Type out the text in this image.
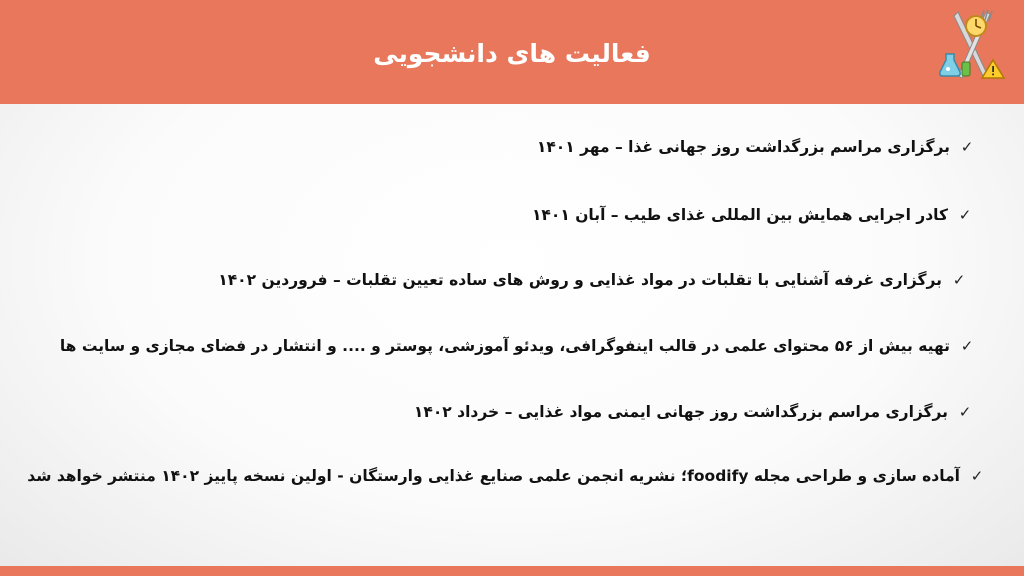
فعالیت های دانشجویی
✓
برگزاری مراسم بزرگداشت روز جهانی غذا – مهر ۱۴۰۱
✓
کادر اجرایی همایش بین المللی غذای طیب – آبان ۱۴۰۱
✓
برگزاری غرفه آشنایی با تقلبات در مواد غذایی و روش های ساده تعیین تقلبات – فروردین ۱۴۰۲
✓
تهیه بیش از ۵۶ محتوای علمی در قالب اینفوگرافی، ویدئو آموزشی، پوستر و .... و انتشار در فضای مجازی و سایت ها
✓
برگزاری مراسم بزرگداشت روز جهانی ایمنی مواد غذایی – خرداد ۱۴۰۲
✓
آماده سازی و طراحی مجله foodify؛ نشریه انجمن علمی صنایع غذایی وارستگان - اولین نسخه پاییز ۱۴۰۲ منتشر خواهد شد
